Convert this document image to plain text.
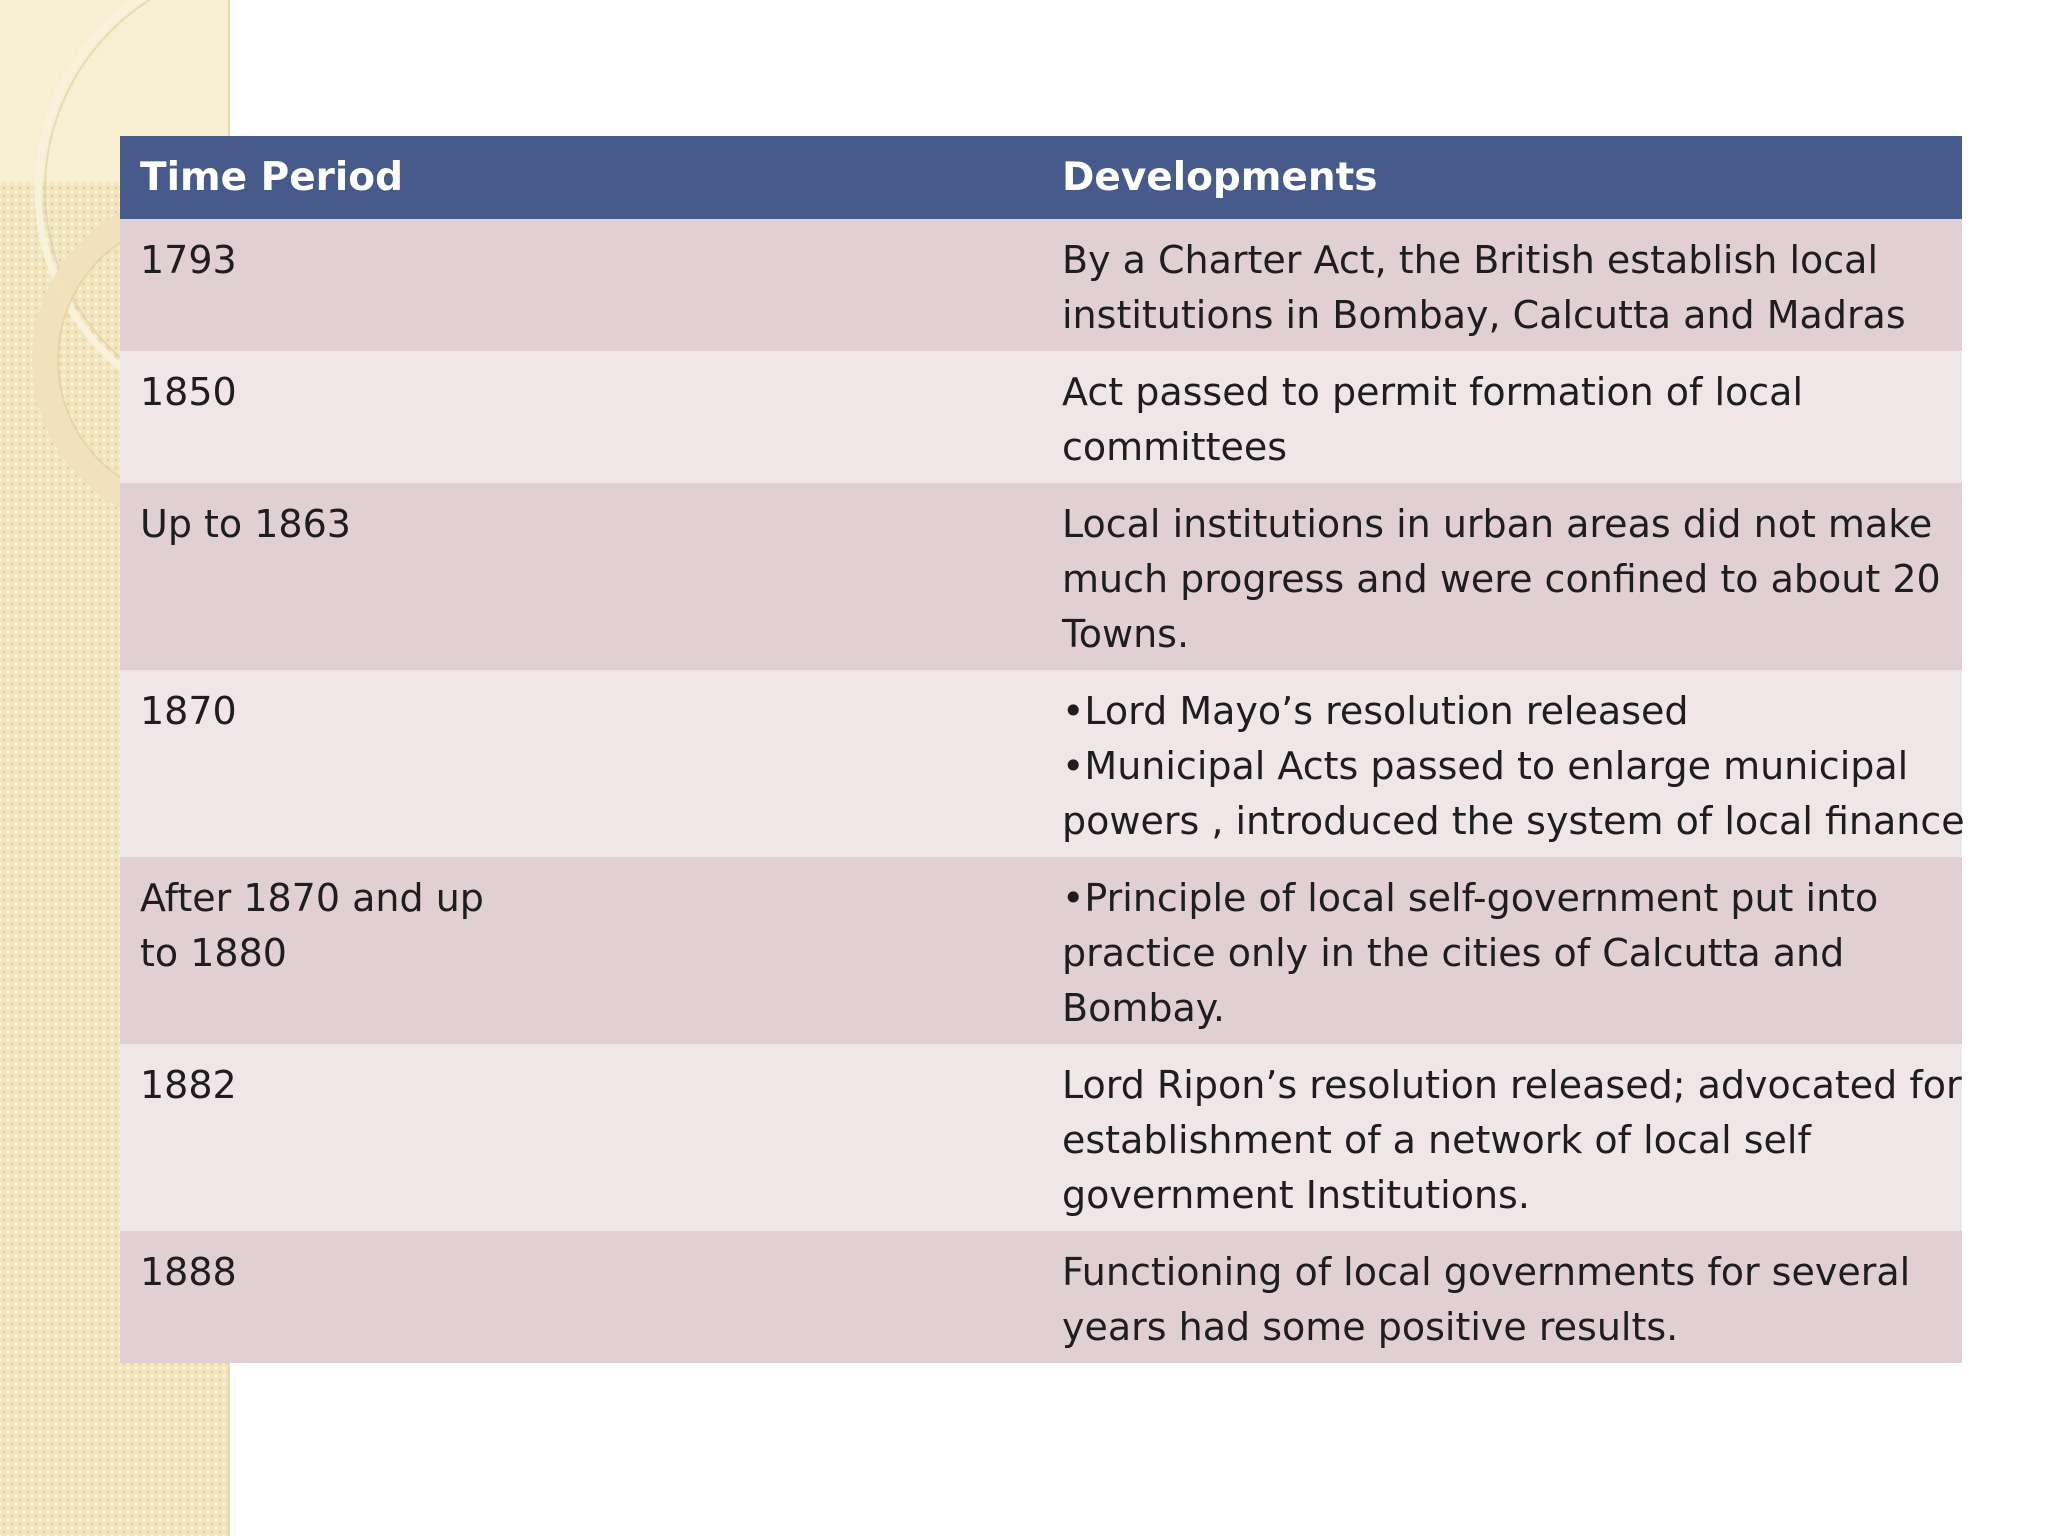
Time Period	Developments

1793	By a Charter Act, the British establish local
institutions in Bombay, Calcutta and Madras

1850	Act passed to permit formation of local
committees

Up to 1863	Local institutions in urban areas did not make
much progress and were confined to about 20
Towns.

1870	•Lord Mayo’s resolution released
•Municipal Acts passed to enlarge municipal
powers , introduced the system of local finance

After 1870 and up
to 1880	•Principle of local self-government put into
practice only in the cities of Calcutta and
Bombay.

1882	Lord Ripon’s resolution released; advocated for
establishment of a network of local self
government Institutions.

1888	Functioning of local governments for several
years had some positive results.
